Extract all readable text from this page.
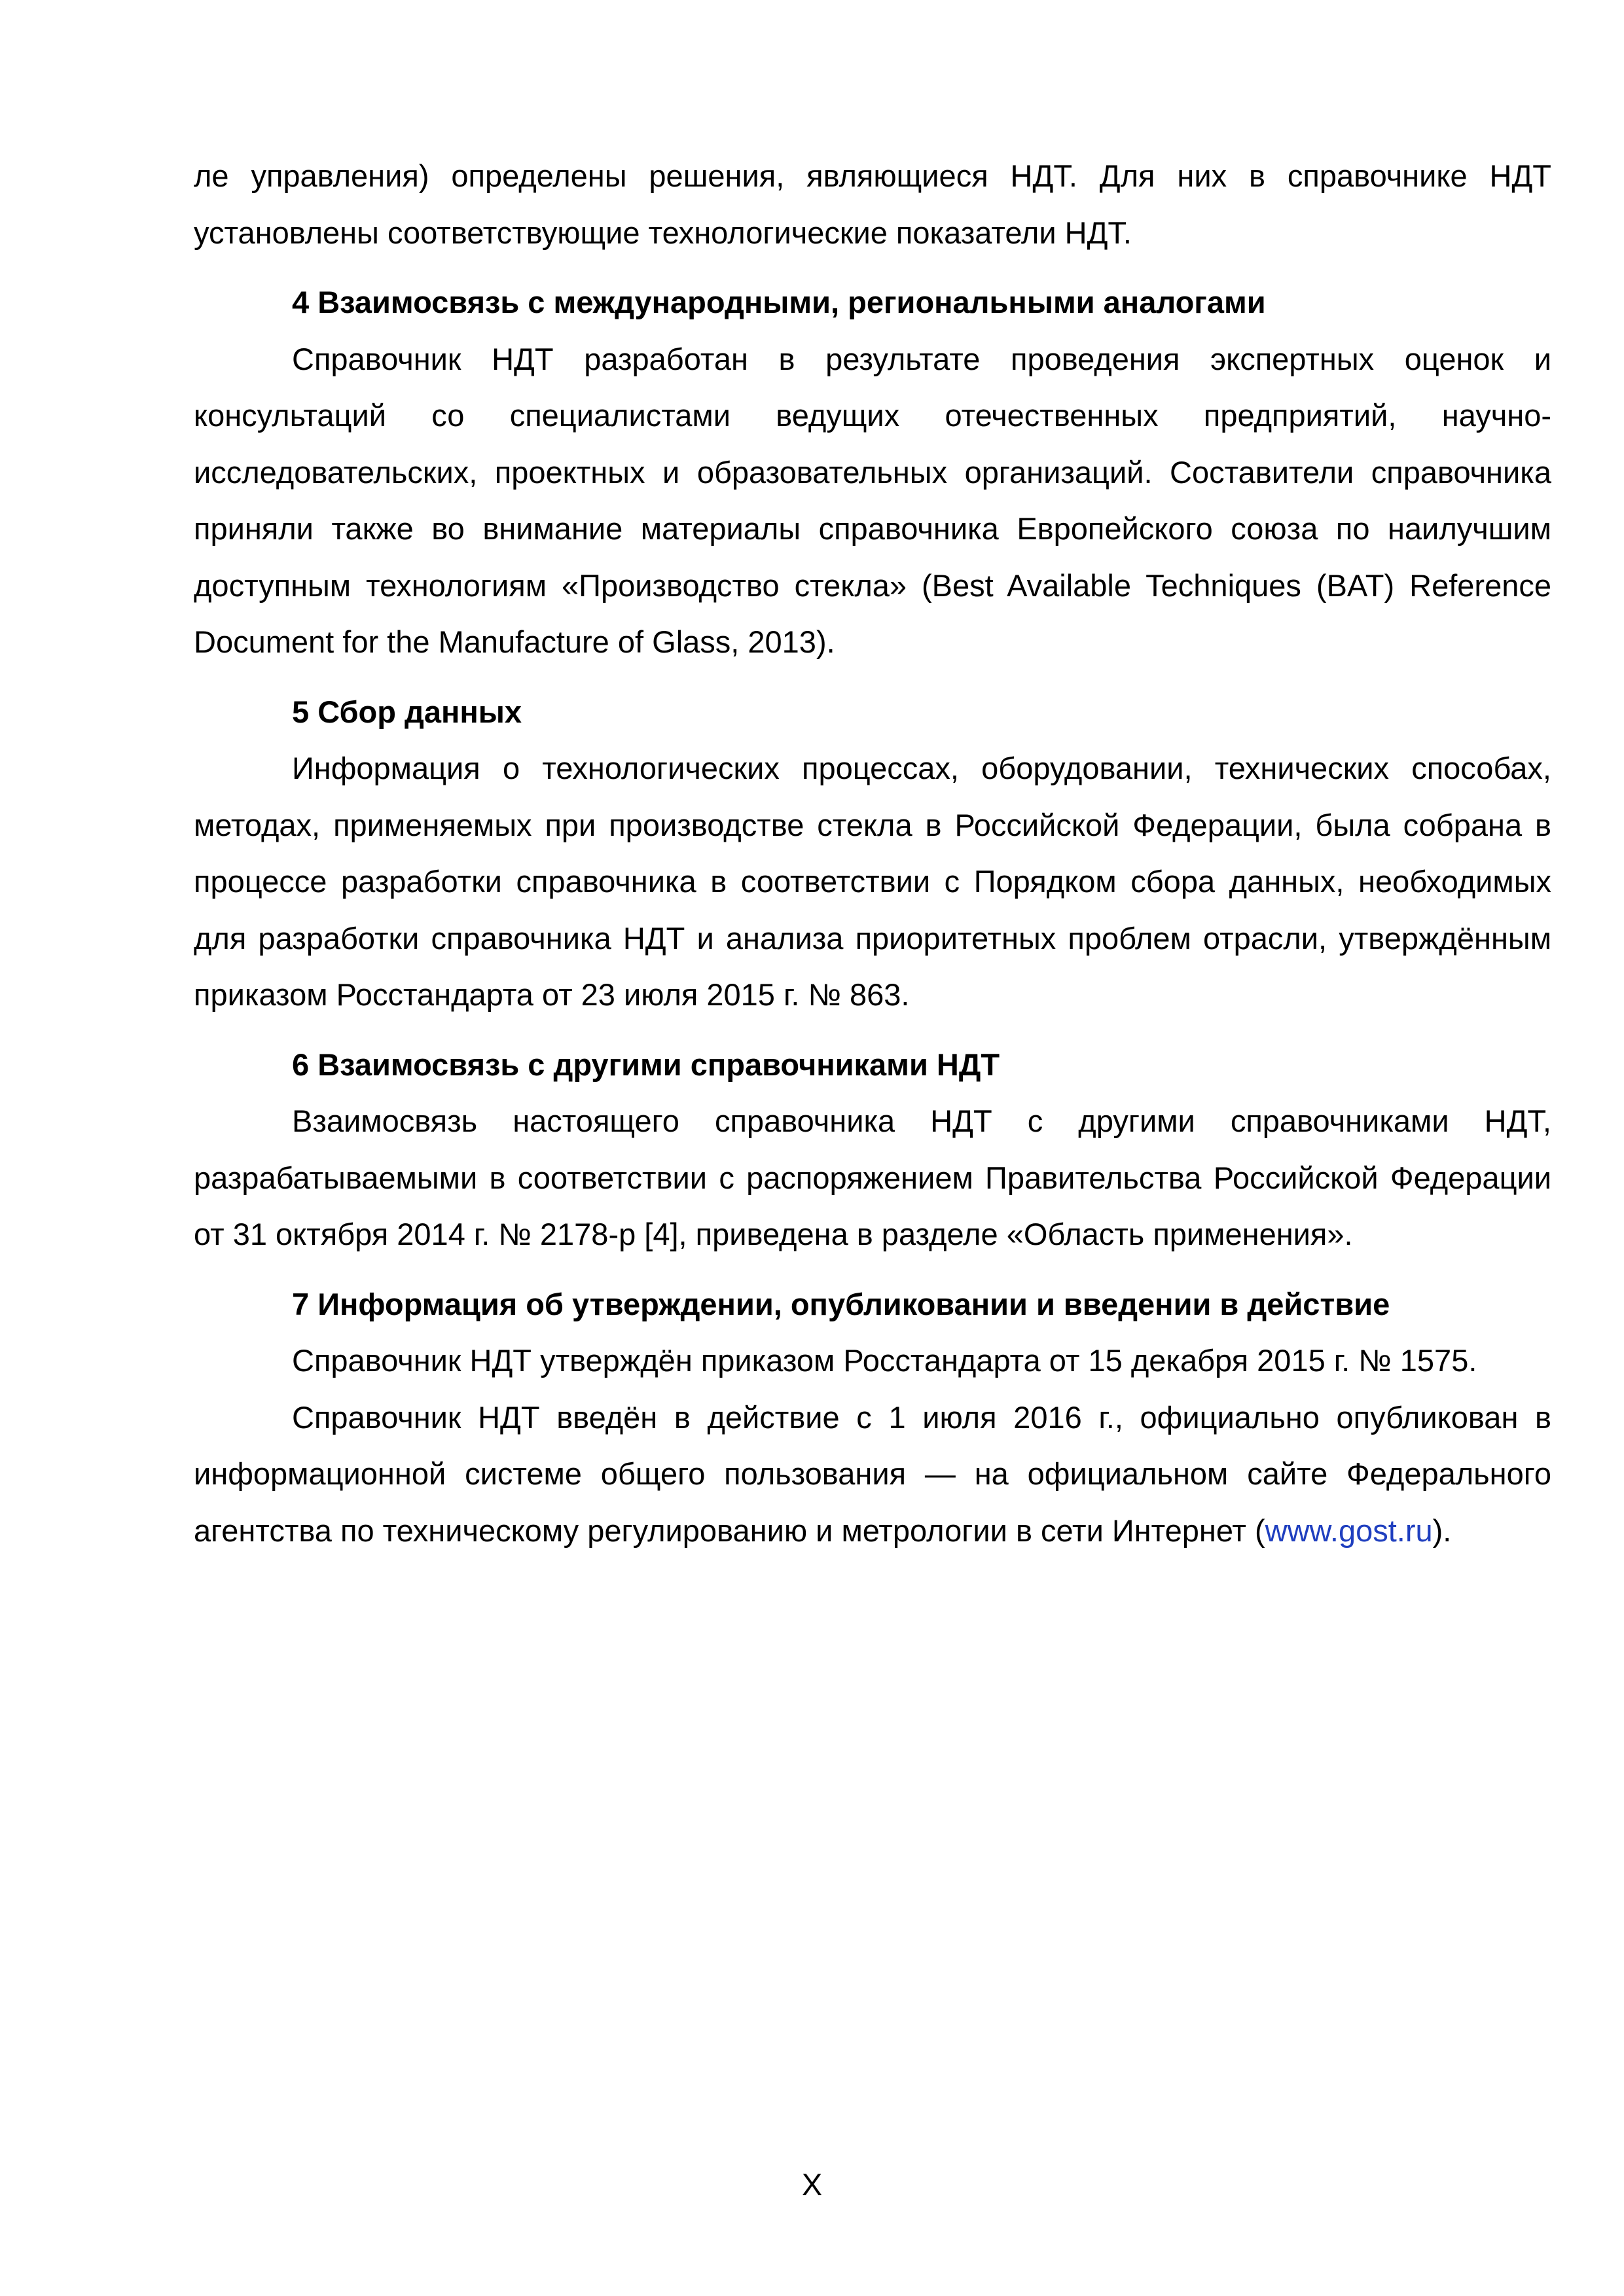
ле управления) определены решения, являющиеся НДТ. Для них в справочнике НДТ установлены соответствующие технологические показатели НДТ.

4 Взаимосвязь с международными, региональными аналогами

Справочник НДТ разработан в результате проведения экспертных оценок и консультаций со специалистами ведущих отечественных предприятий, научно-исследовательских, проектных и образовательных организаций. Составители справочника приняли также во внимание материалы справочника Европейского союза по наилучшим доступным технологиям «Производство стекла» (Best Available Techniques (BAT) Reference Document for the Manufacture of Glass, 2013).

5 Сбор данных

Информация о технологических процессах, оборудовании, технических способах, методах, применяемых при производстве стекла в Российской Федерации, была собрана в процессе разработки справочника в соответствии с Порядком сбора данных, необходимых для разработки справочника НДТ и анализа приоритетных проблем отрасли, утверждённым приказом Росстандарта от 23 июля 2015 г. № 863.

6 Взаимосвязь с другими справочниками НДТ

Взаимосвязь настоящего справочника НДТ с другими справочниками НДТ, разрабатываемыми в соответствии с распоряжением Правительства Российской Федерации от 31 октября 2014 г. № 2178-р [4], приведена в разделе «Область применения».

7 Информация об утверждении, опубликовании и введении в действие

Справочник НДТ утверждён приказом Росстандарта от 15 декабря 2015 г. № 1575.

Справочник НДТ введён в действие с 1 июля 2016 г., официально опубликован в информационной системе общего пользования — на официальном сайте Федерального агентства по техническому регулированию и метрологии в сети Интернет (www.gost.ru).

X
